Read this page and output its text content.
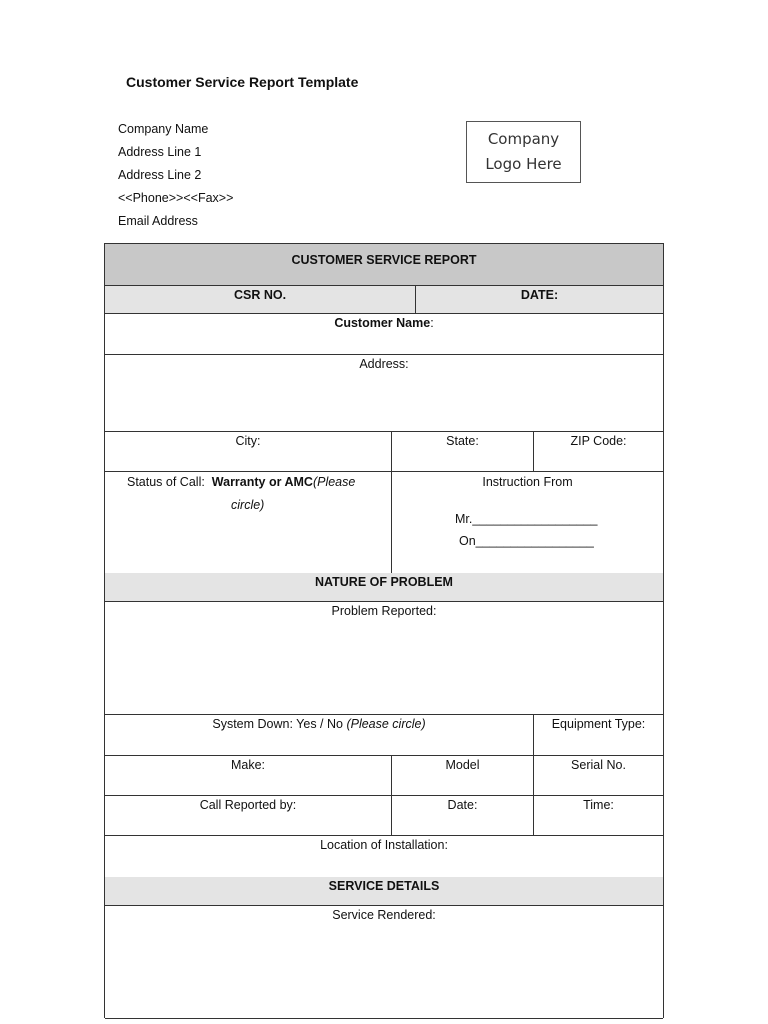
Customer Service Report Template
Company Name
Address Line 1
Address Line 2
<<Phone>><<Fax>>
Email Address
Company
Logo Here
CUSTOMER SERVICE REPORT
CSR NO.	DATE:
Customer Name:
Address:
City:	State:	ZIP Code:
Status of Call: Warranty or AMC(Please
circle)
Instruction From
Mr.__________________
On_________________
NATURE OF PROBLEM
Problem Reported:
System Down: Yes / No (Please circle)	Equipment Type:
Make:	Model	Serial No.
Call Reported by:	Date:	Time:
Location of Installation:
SERVICE DETAILS
Service Rendered:
